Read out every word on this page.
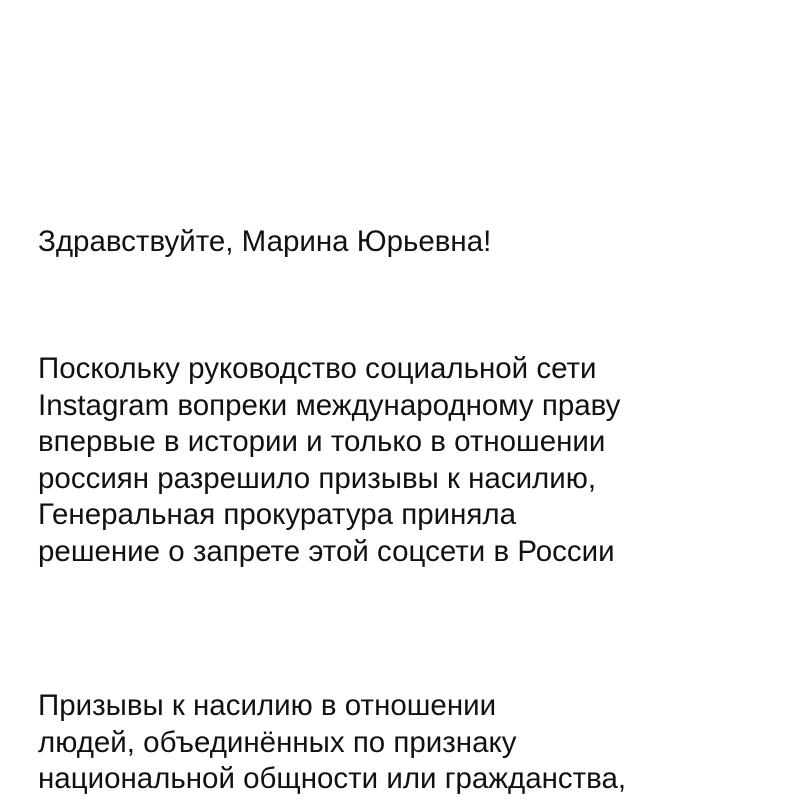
Здравствуйте, Марина Юрьевна!

Поскольку руководство социальной сети
Instagram вопреки международному праву
впервые в истории и только в отношении
россиян разрешило призывы к насилию,
Генеральная прокуратура приняла
решение о запрете этой соцсети в России

Призывы к насилию в отношении
людей, объединённых по признаку
национальной общности или гражданства,
